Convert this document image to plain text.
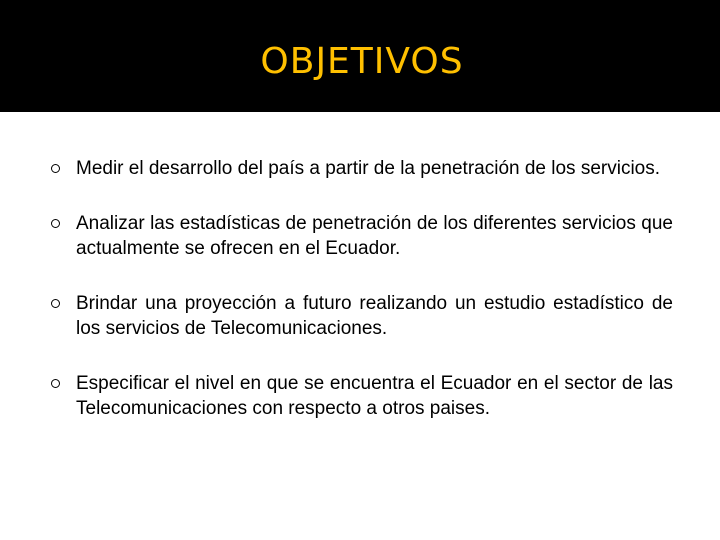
OBJETIVOS
Medir el desarrollo del país a partir de la penetración de los servicios.
Analizar las estadísticas de penetración de los diferentes servicios que actualmente se ofrecen en el Ecuador.
Brindar una proyección a futuro realizando un estudio estadístico de los servicios de Telecomunicaciones.
Especificar el nivel en que se encuentra el Ecuador en el sector de las Telecomunicaciones con respecto a otros paises.
